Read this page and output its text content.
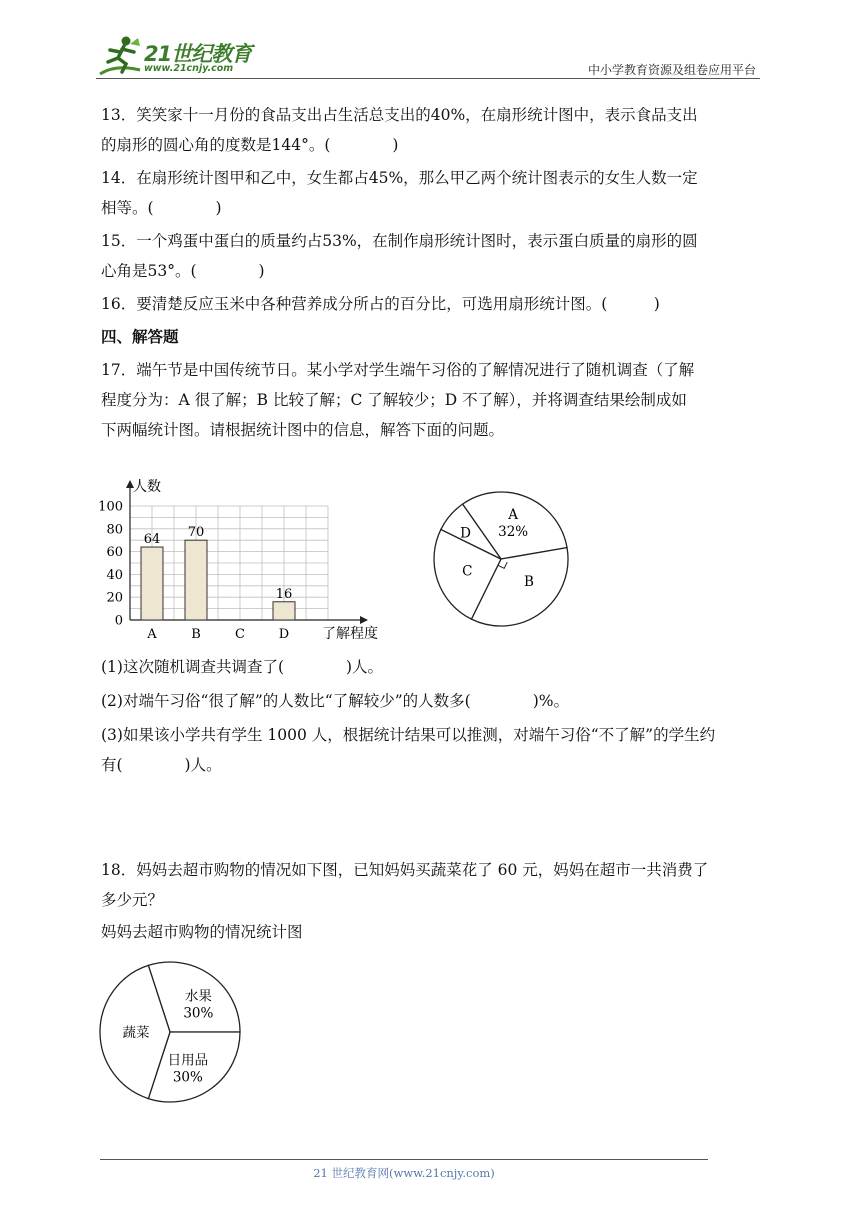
21世纪教育
www.21cnjy.com	中小学教育资源及组卷应用平台

13．笑笑家十一月份的食品支出占生活总支出的40%，在扇形统计图中，表示食品支出

的扇形的圆心角的度数是144°。(　　　　)

14．在扇形统计图甲和乙中，女生都占45%，那么甲乙两个统计图表示的女生人数一定

相等。(　　　　)

15．一个鸡蛋中蛋白的质量约占53%，在制作扇形统计图时，表示蛋白质量的扇形的圆

心角是53°。(　　　　)

16．要清楚反应玉米中各种营养成分所占的百分比，可选用扇形统计图。(　　　)

四、解答题

17．端午节是中国传统节日。某小学对学生端午习俗的了解情况进行了随机调查（了解

程度分为：A 很了解；B 比较了解；C 了解较少；D 不了解），并将调查结果绘制成如

下两幅统计图。请根据统计图中的信息，解答下面的问题。

0
20
40
60
80
100
A	B	C	D
64 70
16
人数
了解程度
A
32%
B
C
D

(1)这次随机调查共调查了(　　　　)人。

(2)对端午习俗“很了解”的人数比“了解较少”的人数多(　　　　)%。

(3)如果该小学共有学生 1000 人，根据统计结果可以推测，对端午习俗“不了解”的学生约

有(　　　　)人。

18．妈妈去超市购物的情况如下图，已知妈妈买蔬菜花了 60 元，妈妈在超市一共消费了

多少元？

妈妈去超市购物的情况统计图

水果
30%
日用品
30%
蔬菜
21 世纪教育网(www.21cnjy.com)
